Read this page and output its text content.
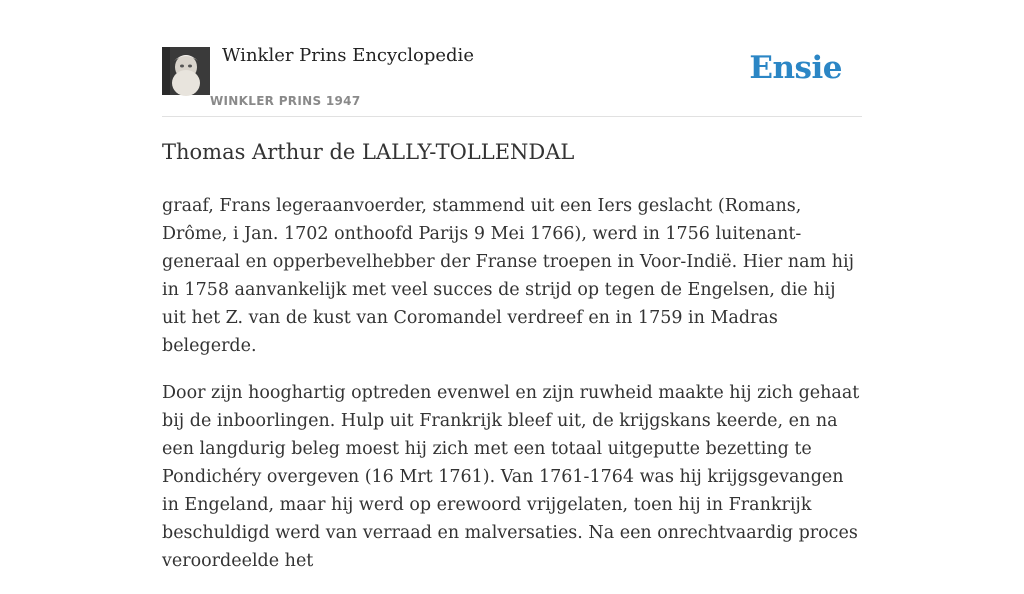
Winkler Prins Encyclopedie
WINKLER PRINS 1947
Ensie
Thomas Arthur de LALLY-TOLLENDAL

graaf, Frans legeraanvoerder, stammend uit een Iers geslacht (Romans, Drôme, i Jan. 1702 onthoofd Parijs 9 Mei 1766), werd in 1756 luitenant-generaal en opperbevelhebber der Franse troepen in Voor-Indië. Hier nam hij in 1758 aanvankelijk met veel succes de strijd op tegen de Engelsen, die hij uit het Z. van de kust van Coromandel verdreef en in 1759 in Madras belegerde.

Door zijn hooghartig optreden evenwel en zijn ruwheid maakte hij zich gehaat bij de inboorlingen. Hulp uit Frankrijk bleef uit, de krijgskans keerde, en na een langdurig beleg moest hij zich met een totaal uitgeputte bezetting te Pondichéry overgeven (16 Mrt 1761). Van 1761-1764 was hij krijgsgevangen in Engeland, maar hij werd op erewoord vrijgelaten, toen hij in Frankrijk beschuldigd werd van verraad en malversaties. Na een onrechtvaardig proces veroordeelde het
